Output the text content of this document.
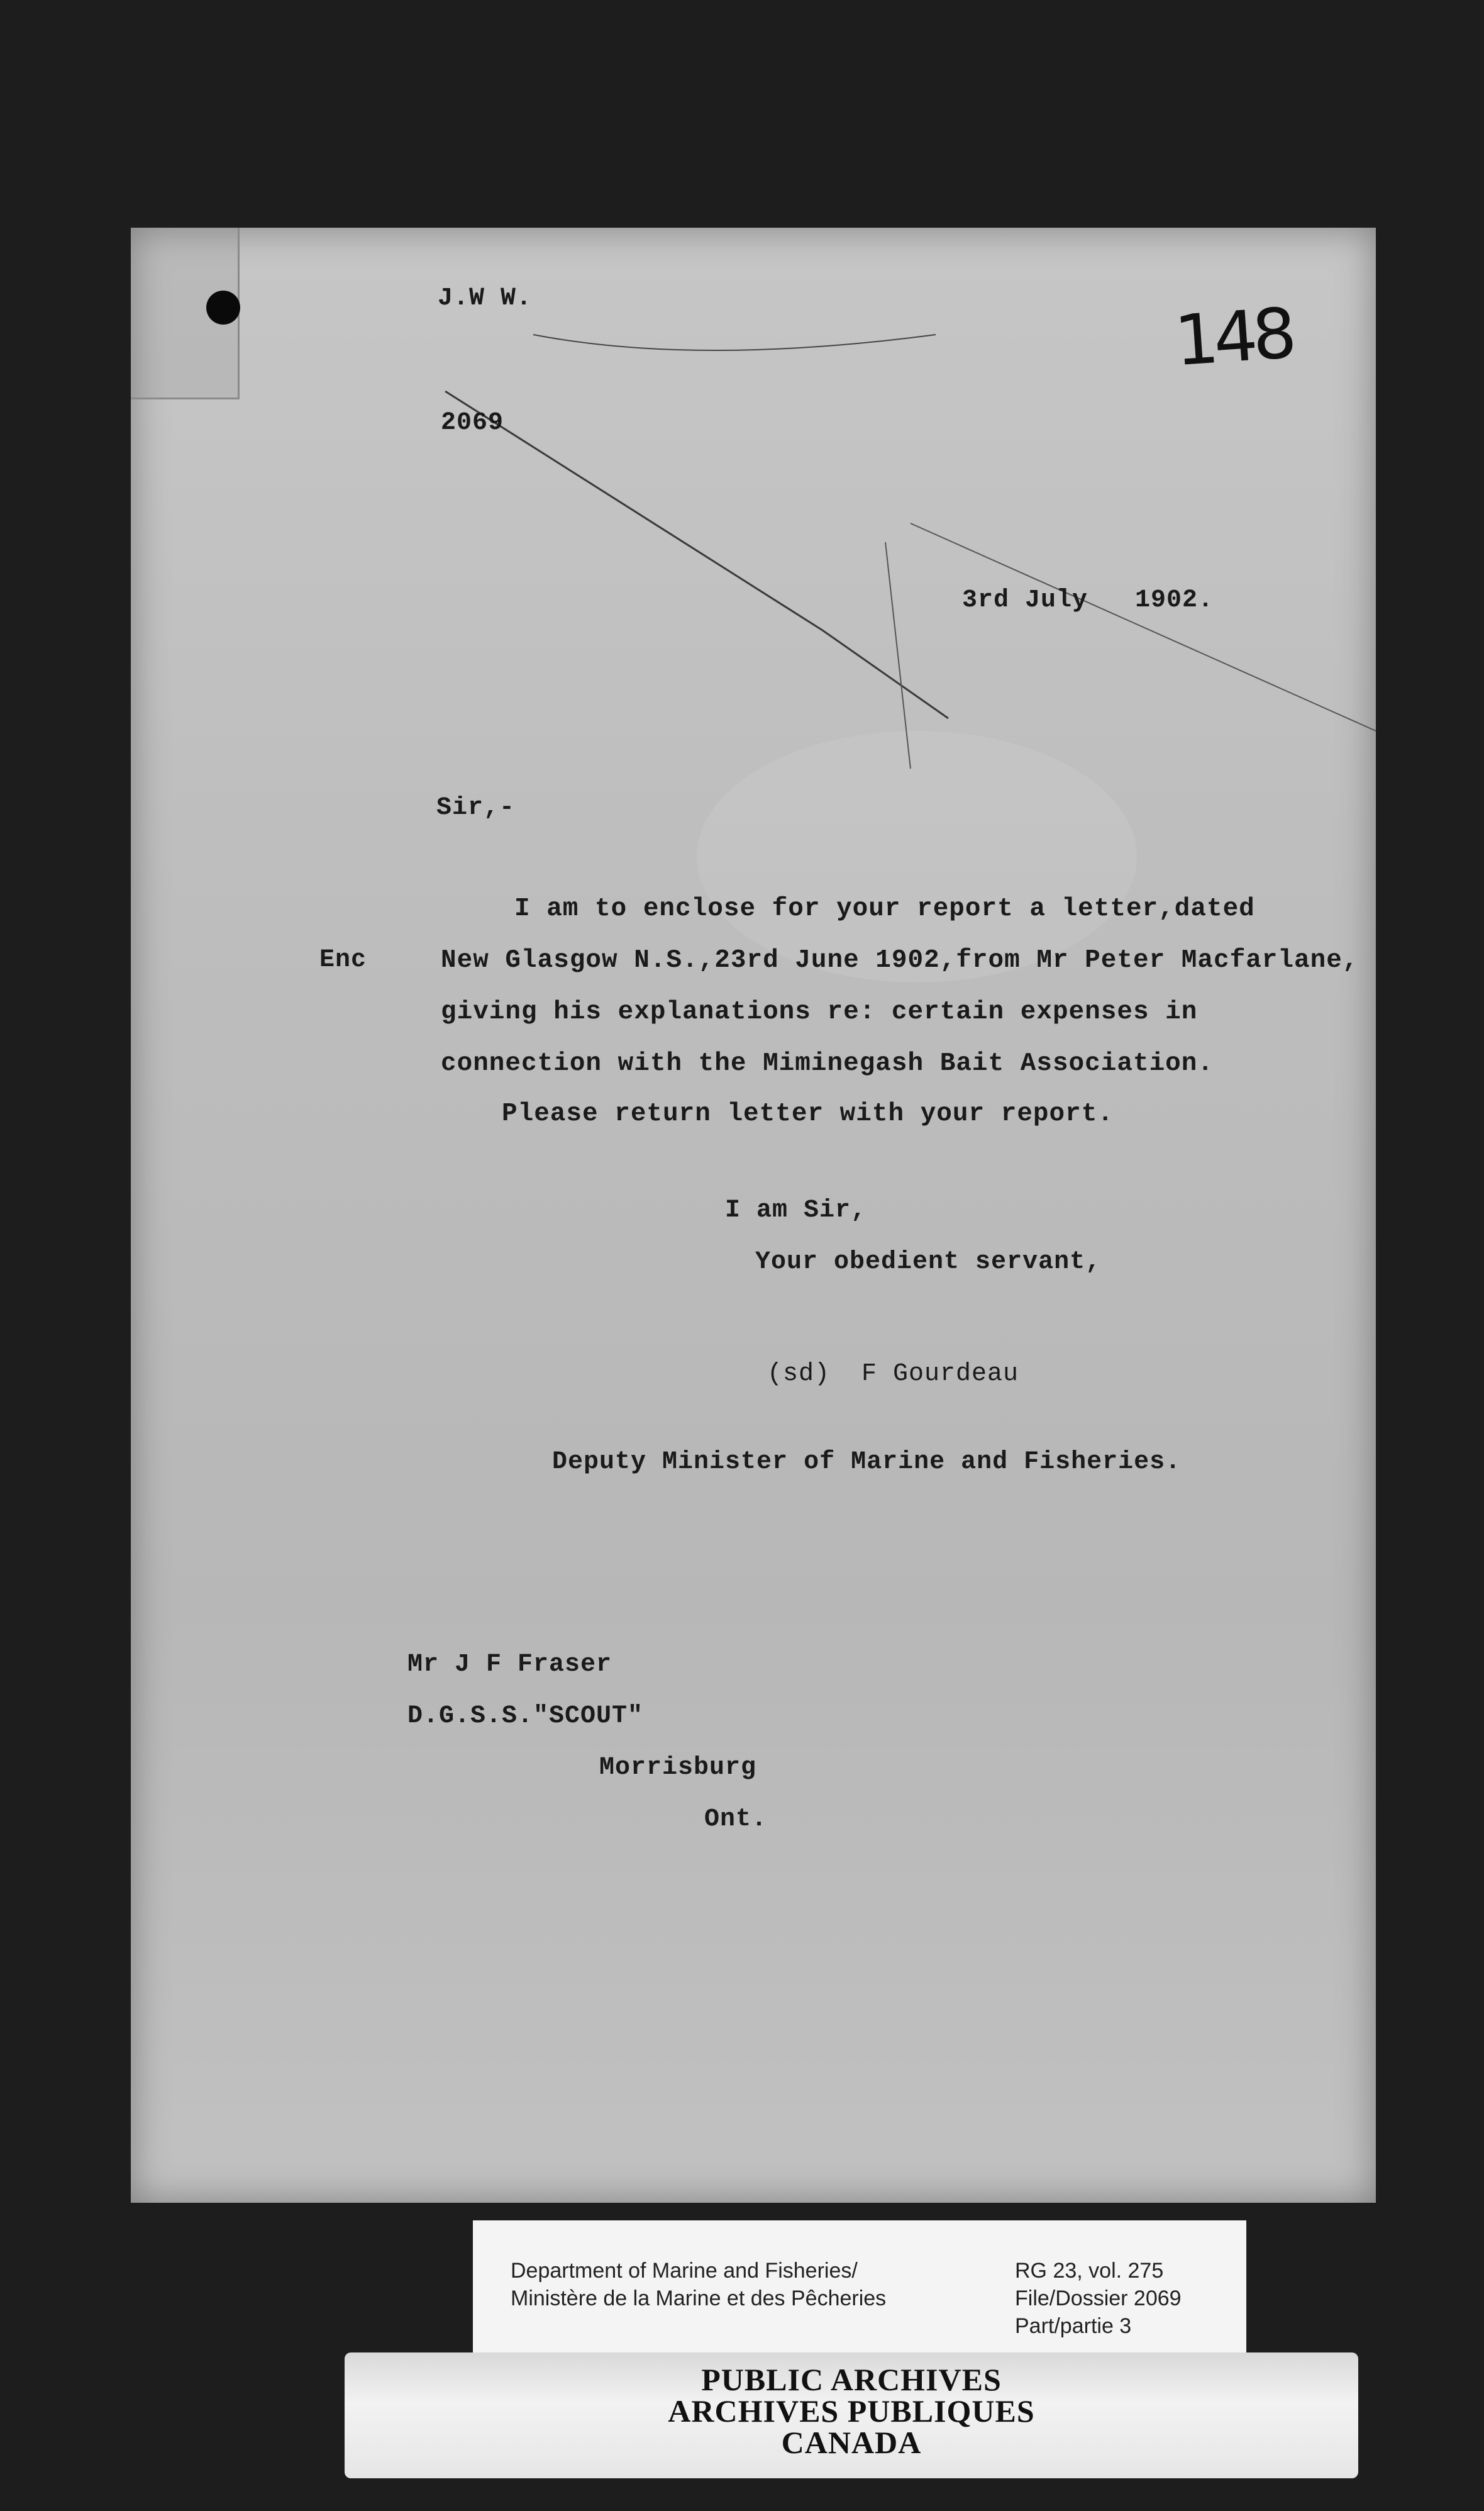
148
J.W W.
2069
3rd July   1902.
Sir,-
I am to enclose for your report a letter,dated
Enc	New Glasgow N.S.,23rd June 1902,from Mr Peter Macfarlane,
giving his explanations re: certain expenses in
connection with the Miminegash Bait Association.
Please return letter with your report.
I am Sir,
Your obedient servant,
(sd)  F Gourdeau
Deputy Minister of Marine and Fisheries.
Mr J F Fraser
D.G.S.S."SCOUT"
Morrisburg
Ont.
Department of Marine and Fisheries/
Ministère de la Marine et des Pêcheries
RG 23, vol. 275
File/Dossier 2069
Part/partie 3
PUBLIC ARCHIVES
ARCHIVES PUBLIQUES
CANADA
